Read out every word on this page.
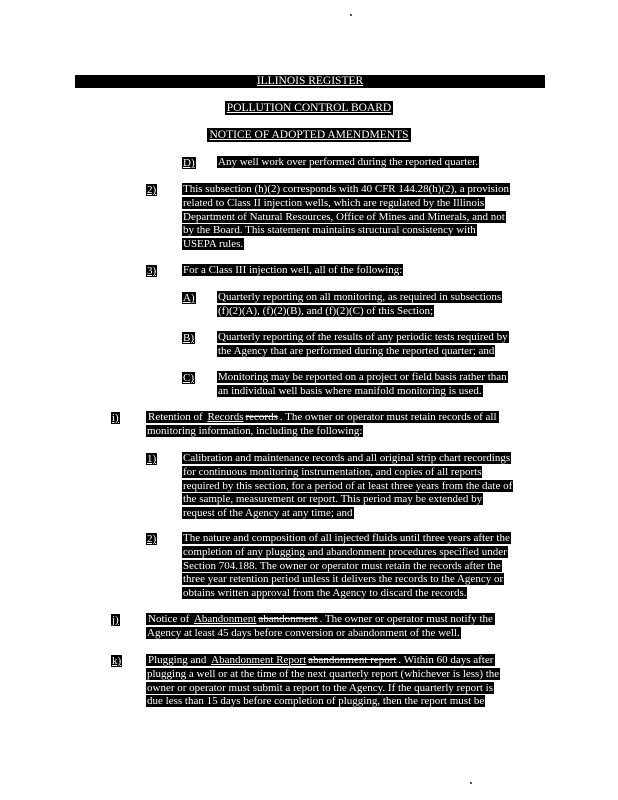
ILLINOIS REGISTER
POLLUTION CONTROL BOARD
NOTICE OF ADOPTED AMENDMENTS
D) Any well work over performed during the reported quarter.
2) This subsection (h)(2) corresponds with 40 CFR 144.28(h)(2), a provision
related to Class II injection wells, which are regulated by the Illinois
Department of Natural Resources, Office of Mines and Minerals, and not
by the Board. This statement maintains structural consistency with
USEPA rules.
3) For a Class III injection well, all of the following:
A) Quarterly reporting on all monitoring, as required in subsections
(f)(2)(A), (f)(2)(B), and (f)(2)(C) of this Section;
B) Quarterly reporting of the results of any periodic tests required by
the Agency that are performed during the reported quarter; and
C) Monitoring may be reported on a project or field basis rather than
an individual well basis where manifold monitoring is used.
i)	Retention of Records records . The owner or operator must retain records of all
monitoring information, including the following:
1) Calibration and maintenance records and all original strip chart recordings
for continuous monitoring instrumentation, and copies of all reports
required by this section, for a period of at least three years from the date of
the sample, measurement or report. This period may be extended by
request of the Agency at any time; and
2) The nature and composition of all injected fluids until three years after the
completion of any plugging and abandonment procedures specified under
Section 704.188. The owner or operator must retain the records after the
three year retention period unless it delivers the records to the Agency or
obtains written approval from the Agency to discard the records.
j)	Notice of Abandonment abandonment . The owner or operator must notify the
Agency at least 45 days before conversion or abandonment of the well.
k) Plugging and Abandonment Report abandonment report . Within 60 days after
plugging a well or at the time of the next quarterly report (whichever is less) the
owner or operator must submit a report to the Agency. If the quarterly report is
due less than 15 days before completion of plugging, then the report must be
